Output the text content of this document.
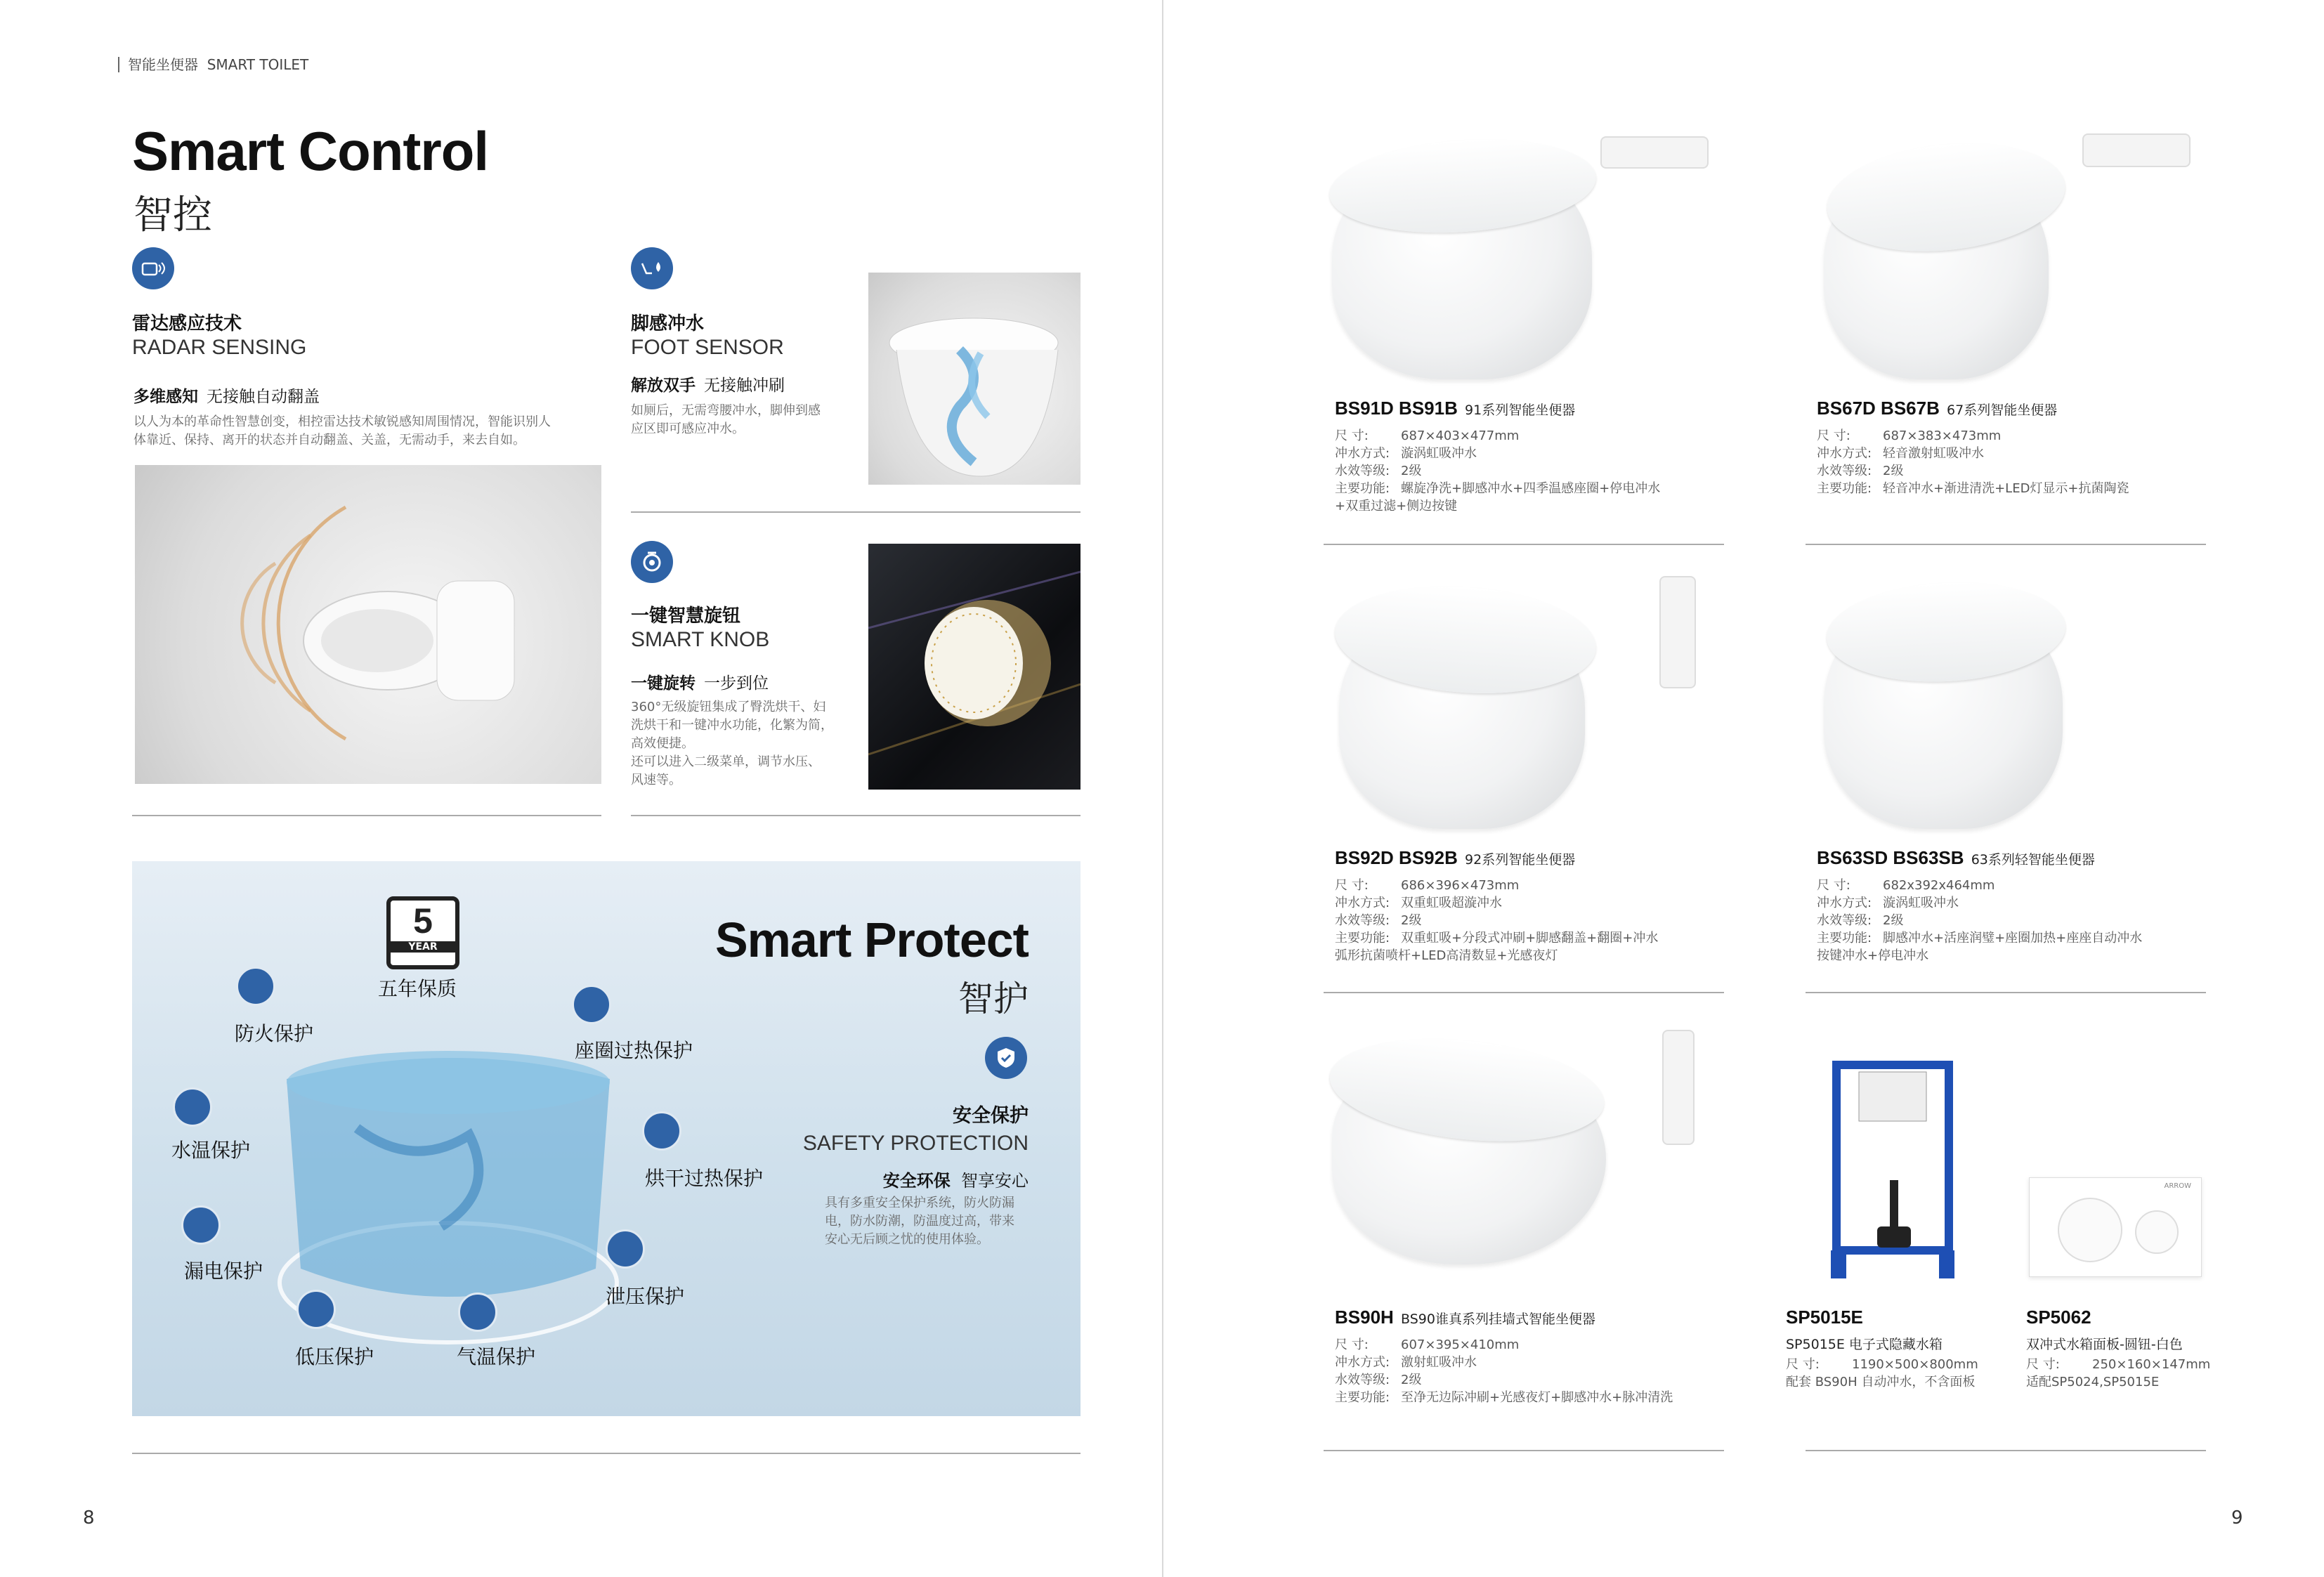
智能坐便器 SMART TOILET
Smart Control
智控
雷达感应技术
RADAR SENSING
多维感知 无接触自动翻盖
以人为本的革命性智慧创变，相控雷达技术敏锐感知周围情况，智能识别人
体靠近、保持、离开的状态并自动翻盖、关盖，无需动手，来去自如。
脚感冲水
FOOT SENSOR
解放双手 无接触冲刷
如厕后，无需弯腰冲水，脚伸到感
应区即可感应冲水。
一键智慧旋钮
SMART KNOB
一键旋转 一步到位
360°无级旋钮集成了臀洗烘干、妇
洗烘干和一键冲水功能，化繁为简，
高效便捷。
还可以进入二级菜单，调节水压、
风速等。
5
YEAR
五年保质
防火保护
座圈过热保护
水温保护
烘干过热保护
漏电保护
泄压保护
低压保护	气温保护
Smart Protect
智护
安全保护
SAFETY PROTECTION
安全环保 智享安心
具有多重安全保护系统，防火防漏
电，防水防潮，防温度过高，带来
安心无后顾之忧的使用体验。
8
BS91D BS91B 91系列智能坐便器
尺 寸:	687×403×477mm
冲水方式: 漩涡虹吸冲水
水效等级: 2级
主要功能: 螺旋净洗+脚感冲水+四季温感座圈+停电冲水
+双重过滤+侧边按键
BS67D BS67B 67系列智能坐便器
尺 寸:	687×383×473mm
冲水方式: 轻音激射虹吸冲水
水效等级: 2级
主要功能: 轻音冲水+渐进清洗+LED灯显示+抗菌陶瓷
BS92D BS92B 92系列智能坐便器
尺 寸:	686×396×473mm
冲水方式: 双重虹吸超漩冲水
水效等级: 2级
主要功能: 双重虹吸+分段式冲刷+脚感翻盖+翻圈+冲水
弧形抗菌喷杆+LED高清数显+光感夜灯
BS63SD BS63SB 63系列轻智能坐便器
尺 寸:	682x392x464mm
冲水方式: 漩涡虹吸冲水
水效等级: 2级
主要功能: 脚感冲水+活座润璧+座圈加热+座座自动冲水
按键冲水+停电冲水
BS90H BS90谁真系列挂墙式智能坐便器
尺 寸:	607×395×410mm
冲水方式: 激射虹吸冲水
水效等级: 2级
主要功能: 至净无边际冲刷+光感夜灯+脚感冲水+脉冲清洗
SP5015E
SP5015E 电子式隐藏水箱
尺 寸:	1190×500×800mm
配套 BS90H 自动冲水，不含面板
ARROW
SP5062
双冲式水箱面板-圆钮-白色
尺 寸:	250×160×147mm
适配SP5024,SP5015E
9
